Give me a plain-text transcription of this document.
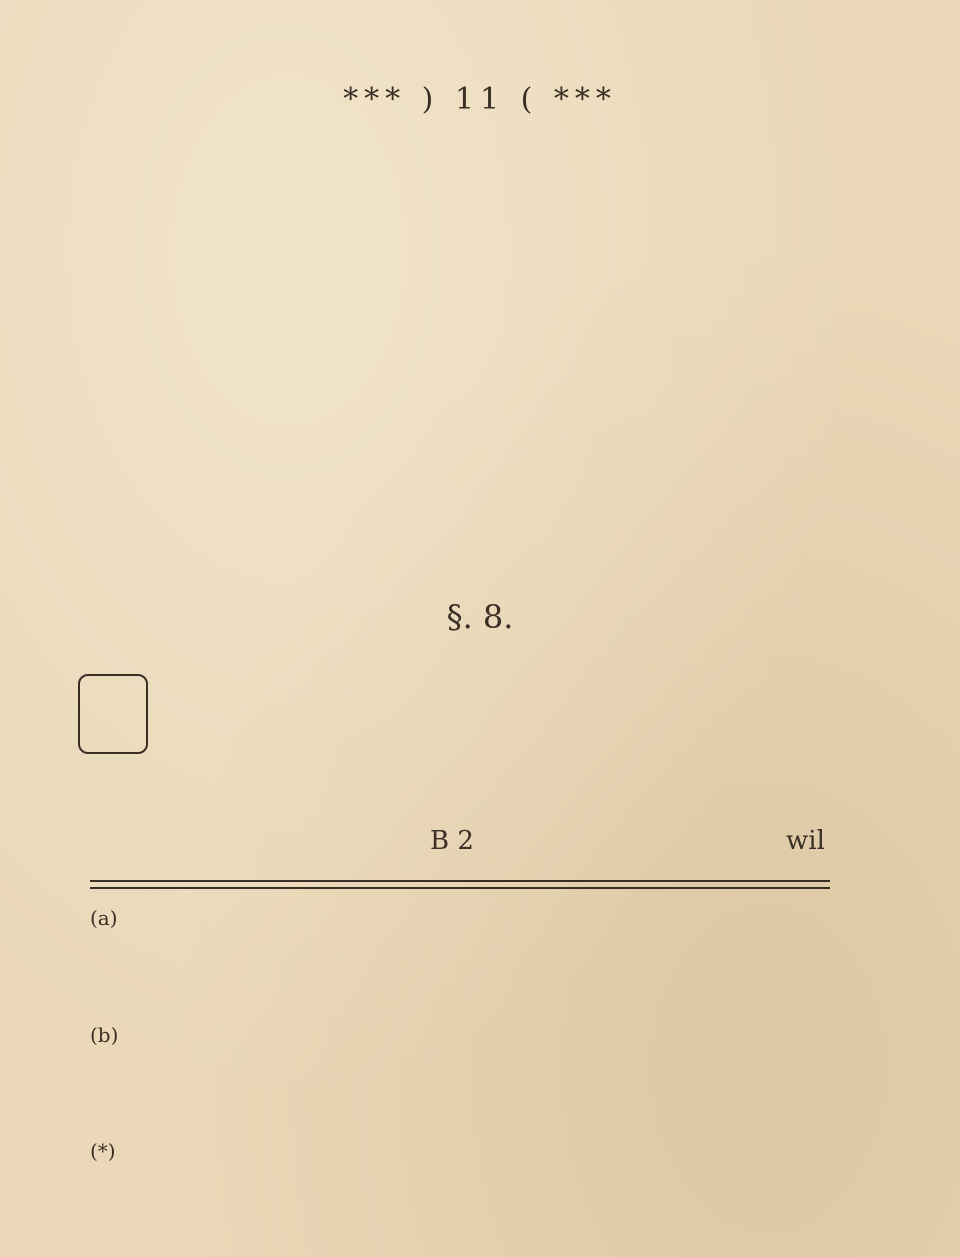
*** ) 11 ( ***
§. 8.
B 2	wil
(a)
(b)
(*)
